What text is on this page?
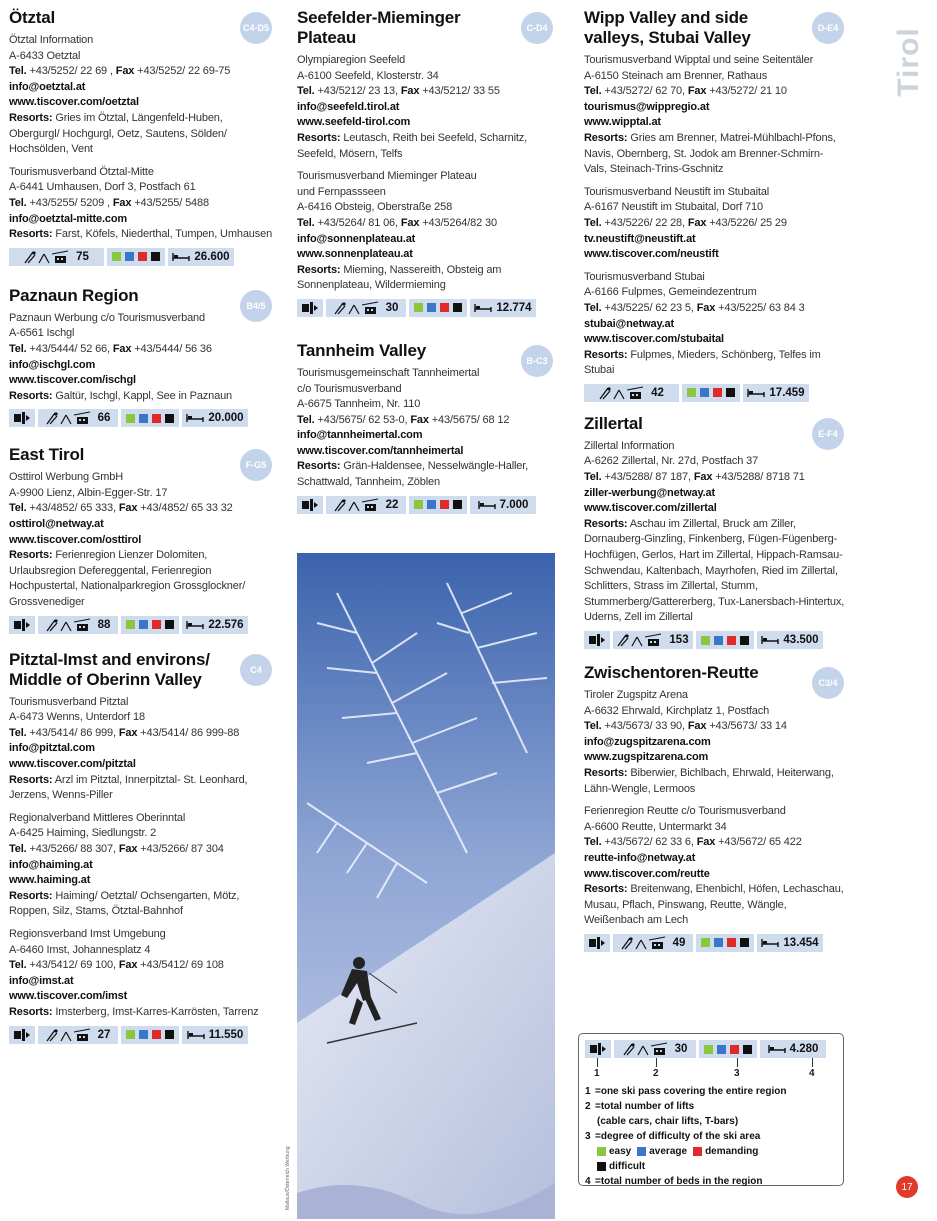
Ötztal
C4-D5
Ötztal Information
A-6433 Oetztal
Tel. +43/5252/ 22 69 , Fax +43/5252/ 22 69-75
info@oetztal.at
www.tiscover.com/oetztal
Resorts: Gries im Ötztal, Längenfeld-Huben, Obergurgl/ Hochgurgl, Oetz, Sautens, Sölden/ Hochsölden, Vent
Tourismusverband Ötztal-Mitte
A-6441 Umhausen, Dorf 3, Postfach 61
Tel. +43/5255/ 5209 , Fax +43/5255/ 5488
info@oetztal-mitte.com
Resorts: Farst, Köfels, Niederthal, Tumpen, Umhausen
75	26.600
Paznaun Region
B4/5
Paznaun Werbung c/o Tourismusverband
A-6561 Ischgl
Tel. +43/5444/ 52 66, Fax +43/5444/ 56 36
info@ischgl.com
www.tiscover.com/ischgl
Resorts: Galtür, Ischgl, Kappl, See in Paznaun
66	20.000
East Tirol
F-G5
Osttirol Werbung GmbH
A-9900 Lienz, Albin-Egger-Str. 17
Tel. +43/4852/ 65 333, Fax +43/4852/ 65 33 32
osttirol@netway.at
www.tiscover.com/osttirol
Resorts: Ferienregion Lienzer Dolomiten, Urlaubsregion Defereggental, Ferienregion Hochpustertal, Nationalparkregion Grossglockner/ Grossvenediger
88	22.576
Pitztal-Imst and environs/ Middle of Oberinn Valley	C4
Tourismusverband Pitztal
A-6473 Wenns, Unterdorf 18
Tel. +43/5414/ 86 999, Fax +43/5414/ 86 999-88
info@pitztal.com
www.tiscover.com/pitztal
Resorts: Arzl im Pitztal, Innerpitztal- St. Leonhard, Jerzens, Wenns-Piller
Regionalverband Mittleres Oberinntal
A-6425 Haiming, Siedlungstr. 2
Tel. +43/5266/ 88 307, Fax +43/5266/ 87 304
info@haiming.at
www.haiming.at
Resorts: Haiming/ Oetztal/ Ochsengarten, Mötz, Roppen, Silz, Stams, Ötztal-Bahnhof
Regionsverband Imst Umgebung
A-6460 Imst, Johannesplatz 4
Tel. +43/5412/ 69 100, Fax +43/5412/ 69 108
info@imst.at
www.tiscover.com/imst
Resorts: Imsterberg, Imst-Karres-Karrösten, Tarrenz
27	11.550
Seefelder-Mieminger Plateau	C-D4
Olympiaregion Seefeld
A-6100 Seefeld, Klosterstr. 34
Tel. +43/5212/ 23 13, Fax +43/5212/ 33 55
info@seefeld.tirol.at
www.seefeld-tirol.com
Resorts: Leutasch, Reith bei Seefeld, Scharnitz, Seefeld, Mösern, Telfs
Tourismusverband Mieminger Plateau
und Fernpassseen
A-6416 Obsteig, Oberstraße 258
Tel. +43/5264/ 81 06, Fax +43/5264/82 30
info@sonnenplateau.at
www.sonnenplateau.at
Resorts: Mieming, Nassereith, Obsteig am Sonnenplateau, Wildermieming
30	12.774
Tannheim Valley
B-C3
Tourismusgemeinschaft Tannheimertal
c/o Tourismusverband
A-6675 Tannheim, Nr. 110
Tel. +43/5675/ 62 53-0, Fax +43/5675/ 68 12
info@tannheimertal.com
www.tiscover.com/tannheimertal
Resorts: Grän-Haldensee, Nesselwängle-Haller, Schattwald, Tannheim, Zöblen
22	7.000
Wipp Valley and side valleys, Stubai Valley	D-E4
Tourismusverband Wipptal und seine Seitentäler
A-6150 Steinach am Brenner, Rathaus
Tel. +43/5272/ 62 70, Fax +43/5272/ 21 10
tourismus@wippregio.at
www.wipptal.at
Resorts: Gries am Brenner, Matrei-Mühlbachl-Pfons, Navis, Obernberg, St. Jodok am Brenner-Schmirn-Vals, Steinach-Trins-Gschnitz
Tourismusverband Neustift im Stubaital
A-6167 Neustift im Stubaital, Dorf 710
Tel. +43/5226/ 22 28, Fax +43/5226/ 25 29
tv.neustift@neustift.at
www.tiscover.com/neustift
Tourismusverband Stubai
A-6166 Fulpmes, Gemeindezentrum
Tel. +43/5225/ 62 23 5, Fax +43/5225/ 63 84 3
stubai@netway.at
www.tiscover.com/stubaital
Resorts: Fulpmes, Mieders, Schönberg, Telfes im Stubai
42	17.459
Zillertal
E-F4
Zillertal Information
A-6262 Zillertal, Nr. 27d, Postfach 37
Tel. +43/5288/ 87 187, Fax +43/5288/ 8718 71
ziller-werbung@netway.at
www.tiscover.com/zillertal
Resorts: Aschau im Zillertal, Bruck am Ziller, Dornauberg-Ginzling, Finkenberg, Fügen-Fügenberg-Hochfügen, Gerlos, Hart im Zillertal, Hippach-Ramsau-Schwendau, Kaltenbach, Mayrhofen, Ried im Zillertal, Schlitters, Strass im Zillertal, Stumm, Stummerberg/Gattererberg, Tux-Lanersbach-Hintertux, Uderns, Zell im Zillertal
153	43.500
Zwischentoren-Reutte
C3/4
Tiroler Zugspitz Arena
A-6632 Ehrwald, Kirchplatz 1, Postfach
Tel. +43/5673/ 33 90, Fax +43/5673/ 33 14
info@zugspitzarena.com
www.zugspitzarena.com
Resorts: Biberwier, Bichlbach, Ehrwald, Heiterwang, Lähn-Wengle, Lermoos
Ferienregion Reutte c/o Tourismusverband
A-6600 Reutte, Untermarkt 34
Tel. +43/5672/ 62 33 6, Fax +43/5672/ 65 422
reutte-info@netway.at
www.tiscover.com/reutte
Resorts: Breitenwang, Ehenbichl, Höfen, Lechaschau, Musau, Pflach, Pinswang, Reutte, Wängle, Weißenbach am Lech
49	13.454
Mallaun/Österreich Werbung
Tirol
30	4.280
1	2	3	4
1 =one ski pass covering the entire region
2 =total number of lifts
(cable cars, chair lifts, T-bars)
3 =degree of difficulty of the ski area
easy average demanding
difficult
4 =total number of beds in the region	17
